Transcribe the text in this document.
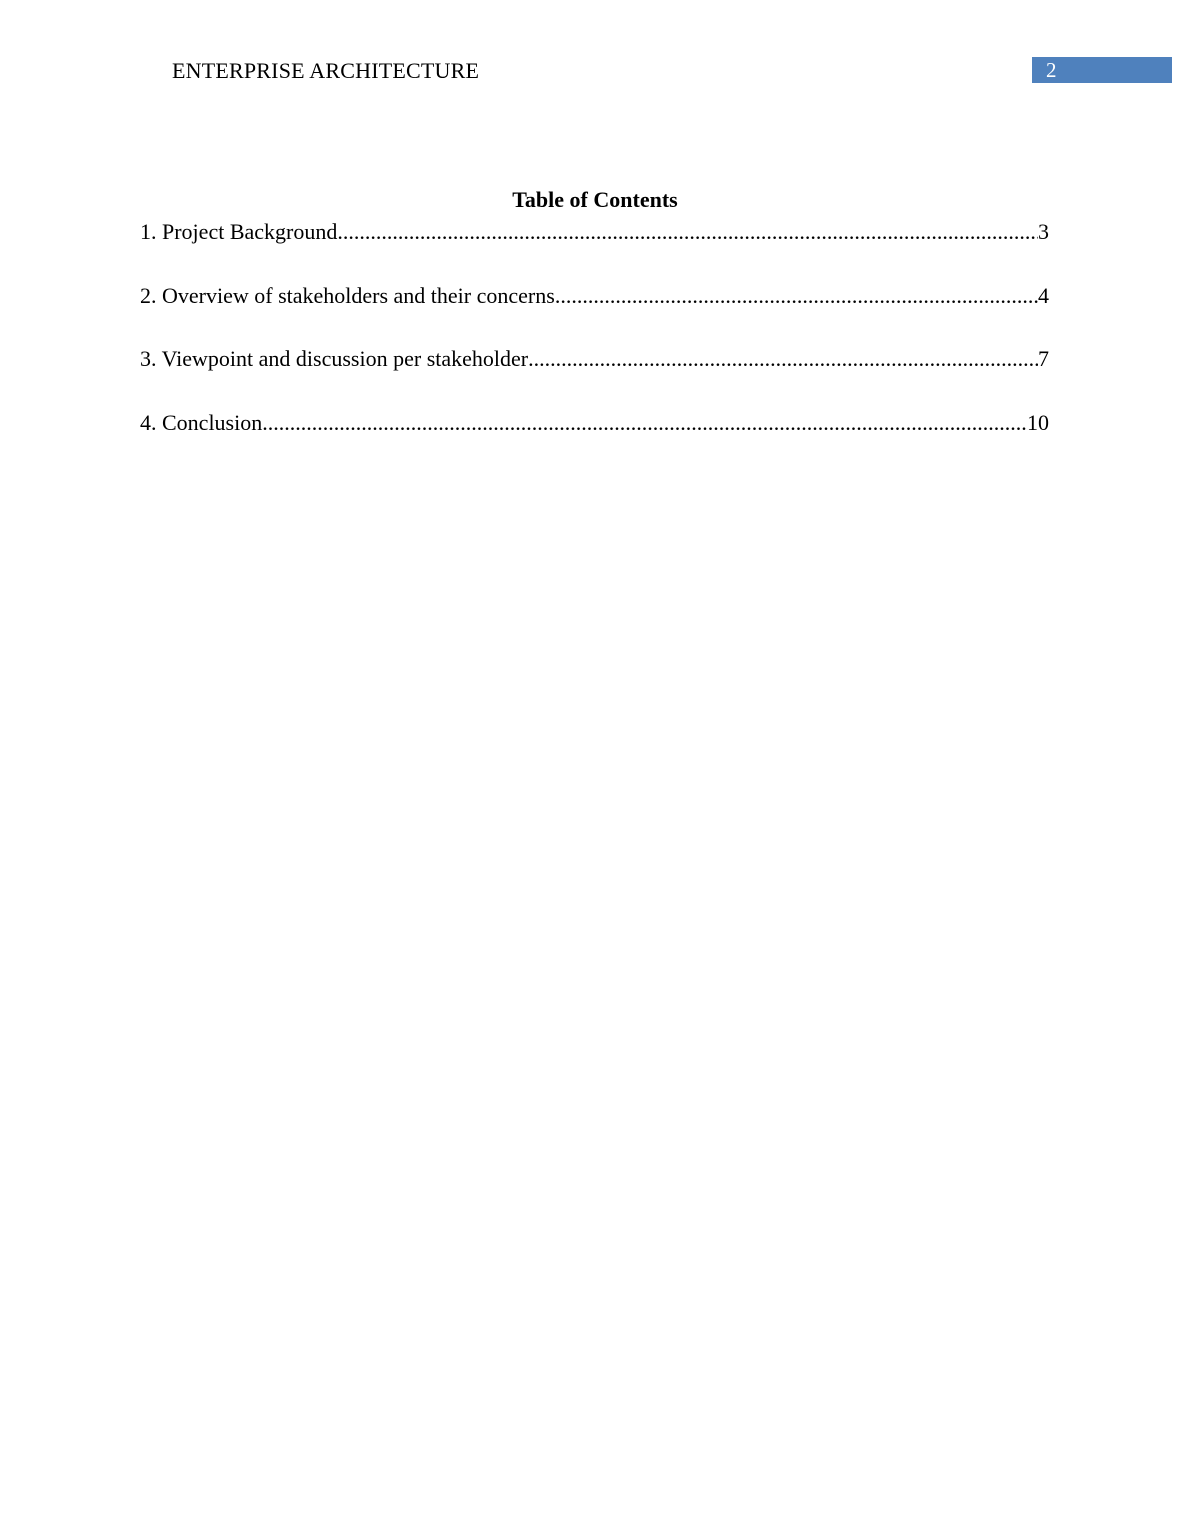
ENTERPRISE ARCHITECTURE	2
Table of Contents
1. Project Background .....	3
2. Overview of stakeholders and their concerns .....	4
3. Viewpoint and discussion per stakeholder .....	7
4. Conclusion .....	10
